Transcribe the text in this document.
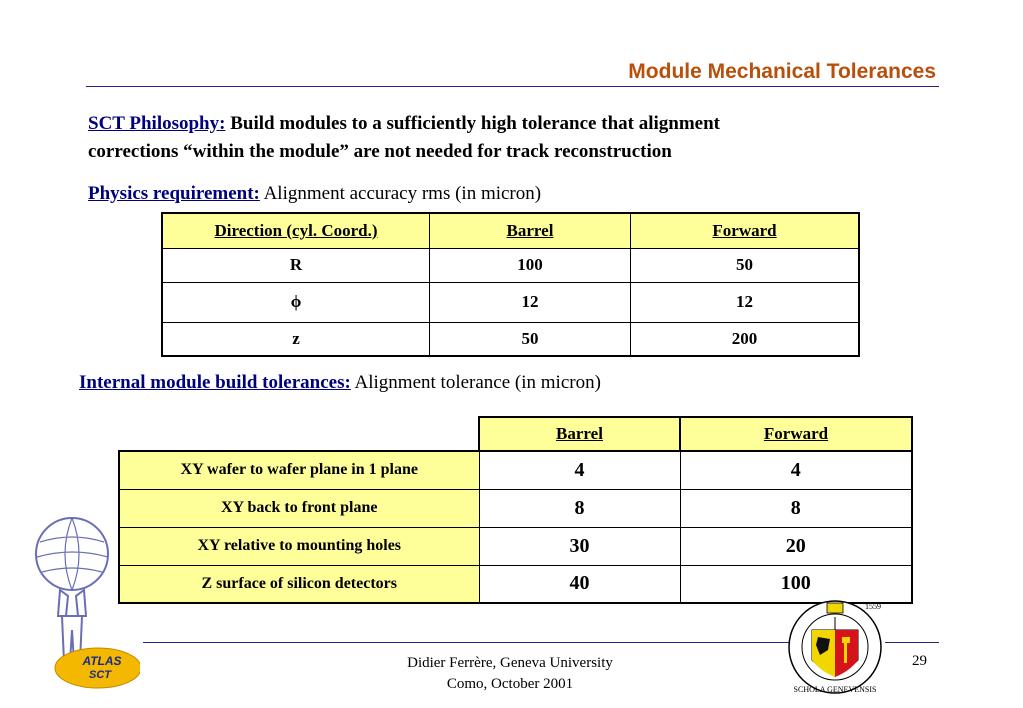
Module Mechanical Tolerances
SCT Philosophy: Build modules to a sufficiently high tolerance that alignment
corrections “within the module” are not needed for track reconstruction
Physics requirement: Alignment accuracy rms (in micron)
Direction (cyl. Coord.)	Barrel	Forward
R	100	50
ϕ	12	12
z	50	200
Internal module build tolerances: Alignment tolerance (in micron)
	Barrel	Forward
XY wafer to wafer plane in 1 plane	4	4
XY back to front plane	8	8
XY relative to mounting holes	30	20
Z surface of silicon detectors	40	100
ATLAS
SCT
Didier Ferrère, Geneva University
Como, October 2001	SCHOLA GENEVENSIS
1559
29
